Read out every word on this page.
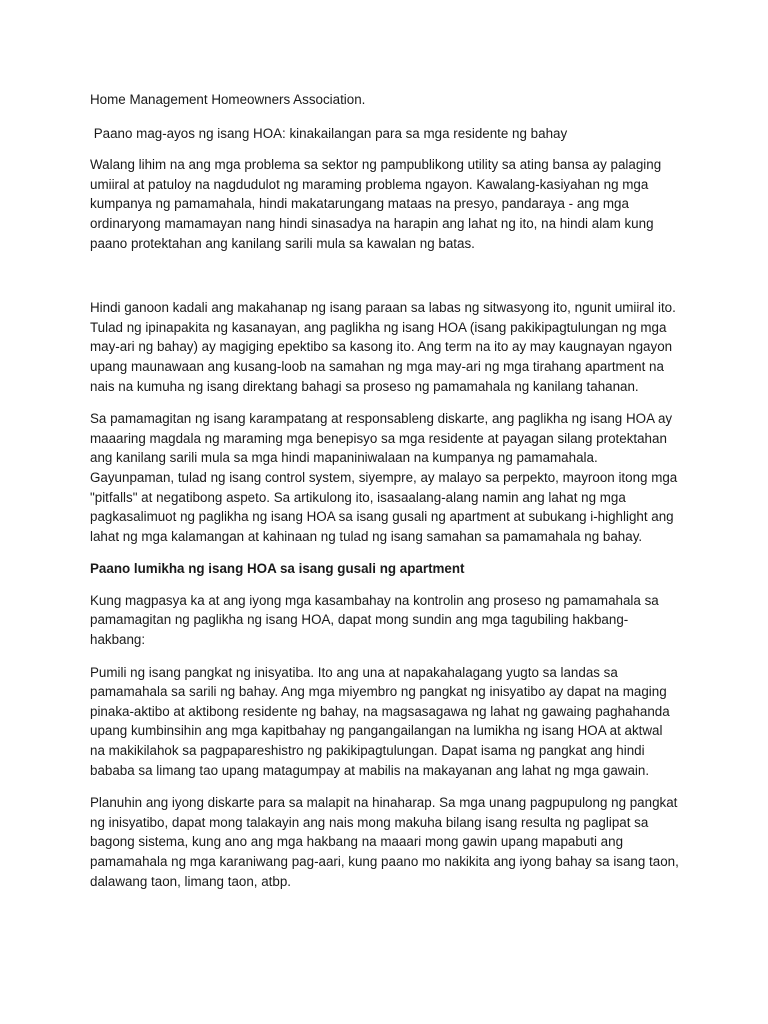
Home Management Homeowners Association.
Paano mag-ayos ng isang HOA: kinakailangan para sa mga residente ng bahay

Walang lihim na ang mga problema sa sektor ng pampublikong utility sa ating bansa ay palaging umiiral at patuloy na nagdudulot ng maraming problema ngayon. Kawalang-kasiyahan ng mga kumpanya ng pamamahala, hindi makatarungang mataas na presyo, pandaraya - ang mga ordinaryong mamamayan nang hindi sinasadya na harapin ang lahat ng ito, na hindi alam kung paano protektahan ang kanilang sarili mula sa kawalan ng batas.

Hindi ganoon kadali ang makahanap ng isang paraan sa labas ng sitwasyong ito, ngunit umiiral ito. Tulad ng ipinapakita ng kasanayan, ang paglikha ng isang HOA (isang pakikipagtulungan ng mga may-ari ng bahay) ay magiging epektibo sa kasong ito. Ang term na ito ay may kaugnayan ngayon upang maunawaan ang kusang-loob na samahan ng mga may-ari ng mga tirahang apartment na nais na kumuha ng isang direktang bahagi sa proseso ng pamamahala ng kanilang tahanan.

Sa pamamagitan ng isang karampatang at responsableng diskarte, ang paglikha ng isang HOA ay maaaring magdala ng maraming mga benepisyo sa mga residente at payagan silang protektahan ang kanilang sarili mula sa mga hindi mapaniniwalaan na kumpanya ng pamamahala. Gayunpaman, tulad ng isang control system, siyempre, ay malayo sa perpekto, mayroon itong mga "pitfalls" at negatibong aspeto. Sa artikulong ito, isasaalang-alang namin ang lahat ng mga pagkasalimuot ng paglikha ng isang HOA sa isang gusali ng apartment at subukang i-highlight ang lahat ng mga kalamangan at kahinaan ng tulad ng isang samahan sa pamamahala ng bahay.

Paano lumikha ng isang HOA sa isang gusali ng apartment

Kung magpasya ka at ang iyong mga kasambahay na kontrolin ang proseso ng pamamahala sa pamamagitan ng paglikha ng isang HOA, dapat mong sundin ang mga tagubiling hakbang-hakbang:

Pumili ng isang pangkat ng inisyatiba. Ito ang una at napakahalagang yugto sa landas sa pamamahala sa sarili ng bahay. Ang mga miyembro ng pangkat ng inisyatibo ay dapat na maging pinaka-aktibo at aktibong residente ng bahay, na magsasagawa ng lahat ng gawaing paghahanda upang kumbinsihin ang mga kapitbahay ng pangangailangan na lumikha ng isang HOA at aktwal na makikilahok sa pagpapareshistro ng pakikipagtulungan. Dapat isama ng pangkat ang hindi bababa sa limang tao upang matagumpay at mabilis na makayanan ang lahat ng mga gawain.

Planuhin ang iyong diskarte para sa malapit na hinaharap. Sa mga unang pagpupulong ng pangkat ng inisyatibo, dapat mong talakayin ang nais mong makuha bilang isang resulta ng paglipat sa bagong sistema, kung ano ang mga hakbang na maaari mong gawin upang mapabuti ang pamamahala ng mga karaniwang pag-aari, kung paano mo nakikita ang iyong bahay sa isang taon, dalawang taon, limang taon, atbp.
